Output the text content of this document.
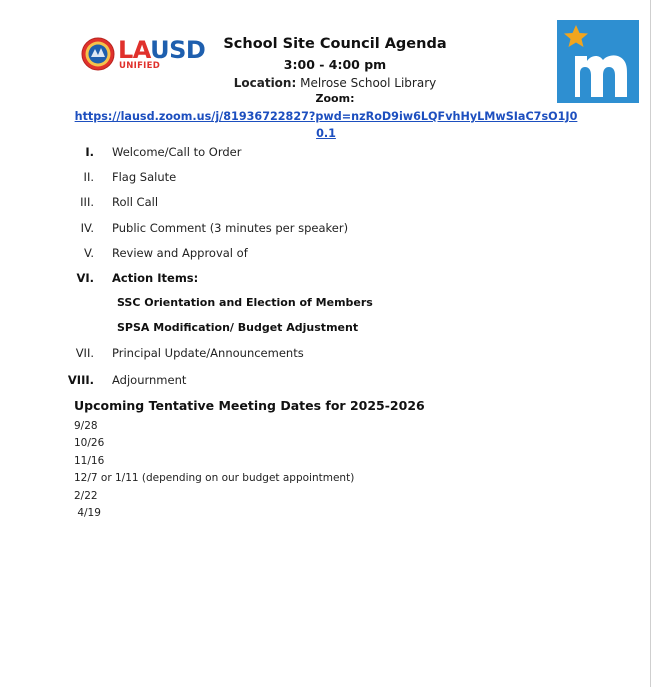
LAUSD
UNIFIED
School Site Council Agenda
3:00 - 4:00 pm
Location: Melrose School Library
Zoom:
https://lausd.zoom.us/j/81936722827?pwd=nzRoD9iw6LQFvhHyLMwSIaC7sO1J00.1
I. Welcome/Call to Order
II. Flag Salute
III. Roll Call
IV. Public Comment (3 minutes per speaker)
V. Review and Approval of
VI. Action Items:
SSC Orientation and Election of Members
SPSA Modification/ Budget Adjustment
VII. Principal Update/Announcements
VIII. Adjournment
Upcoming Tentative Meeting Dates for 2025-2026
9/28
10/26
11/16
12/7 or 1/11 (depending on our budget appointment)
2/22
4/19
